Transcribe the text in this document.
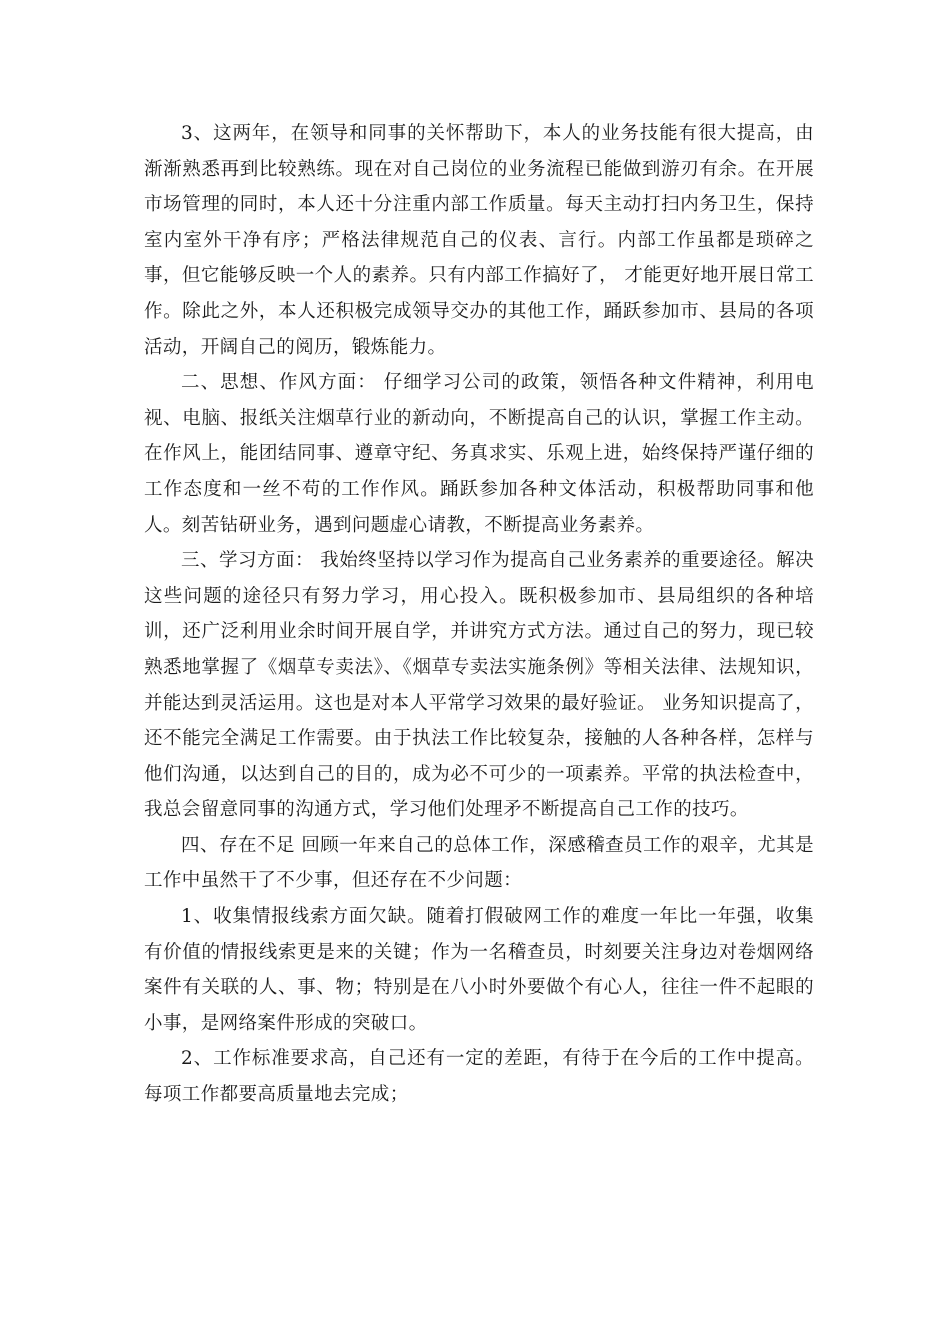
3、这两年，在领导和同事的关怀帮助下，本人的业务技能有很大提高，由渐渐熟悉再到比较熟练。现在对自己岗位的业务流程已能做到游刃有余。在开展市场管理的同时，本人还十分注重内部工作质量。每天主动打扫内务卫生，保持室内室外干净有序；严格法律规范自己的仪表、言行。内部工作虽都是琐碎之事，但它能够反映一个人的素养。只有内部工作搞好了， 才能更好地开展日常工作。除此之外，本人还积极完成领导交办的其他工作，踊跃参加市、县局的各项活动，开阔自己的阅历，锻炼能力。

二、思想、作风方面： 仔细学习公司的政策，领悟各种文件精神，利用电视、电脑、报纸关注烟草行业的新动向，不断提高自己的认识，掌握工作主动。 在作风上，能团结同事、遵章守纪、务真求实、乐观上进，始终保持严谨仔细的工作态度和一丝不苟的工作作风。踊跃参加各种文体活动，积极帮助同事和他人。刻苦钻研业务，遇到问题虚心请教，不断提高业务素养。

三、学习方面： 我始终坚持以学习作为提高自己业务素养的重要途径。解决这些问题的途径只有努力学习，用心投入。既积极参加市、县局组织的各种培训，还广泛利用业余时间开展自学，并讲究方式方法。通过自己的努力，现已较熟悉地掌握了《烟草专卖法》、《烟草专卖法实施条例》等相关法律、法规知识，并能达到灵活运用。这也是对本人平常学习效果的最好验证。 业务知识提高了，还不能完全满足工作需要。由于执法工作比较复杂，接触的人各种各样，怎样与他们沟通，以达到自己的目的，成为必不可少的一项素养。平常的执法检查中，我总会留意同事的沟通方式，学习他们处理矛不断提高自己工作的技巧。

四、存在不足 回顾一年来自己的总体工作，深感稽查员工作的艰辛，尤其是工作中虽然干了不少事，但还存在不少问题：

1、收集情报线索方面欠缺。随着打假破网工作的难度一年比一年强，收集有价值的情报线索更是来的关键；作为一名稽查员，时刻要关注身边对卷烟网络案件有关联的人、事、物；特别是在八小时外要做个有心人，往往一件不起眼的小事，是网络案件形成的突破口。

2、工作标准要求高，自己还有一定的差距，有待于在今后的工作中提高。每项工作都要高质量地去完成；
